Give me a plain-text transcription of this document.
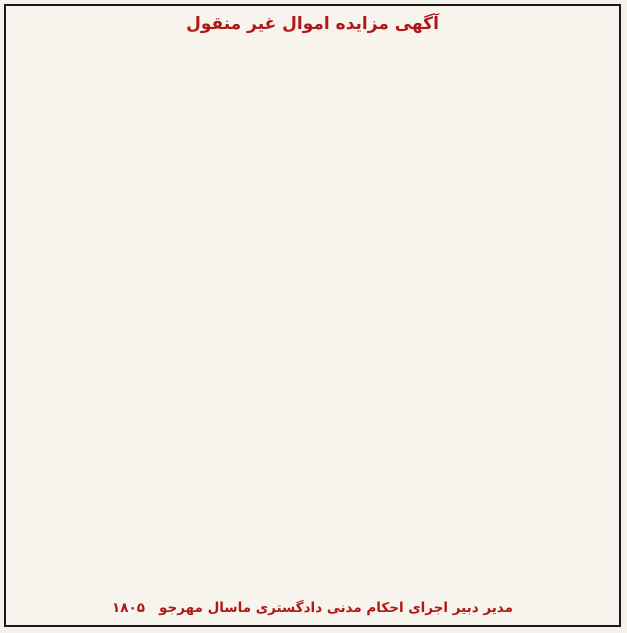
آگهی مزایده اموال غیر منقول
مدیر دبیر اجرای احکام مدنی دادگستری ماسال مهرجو
۱۸۰۵
